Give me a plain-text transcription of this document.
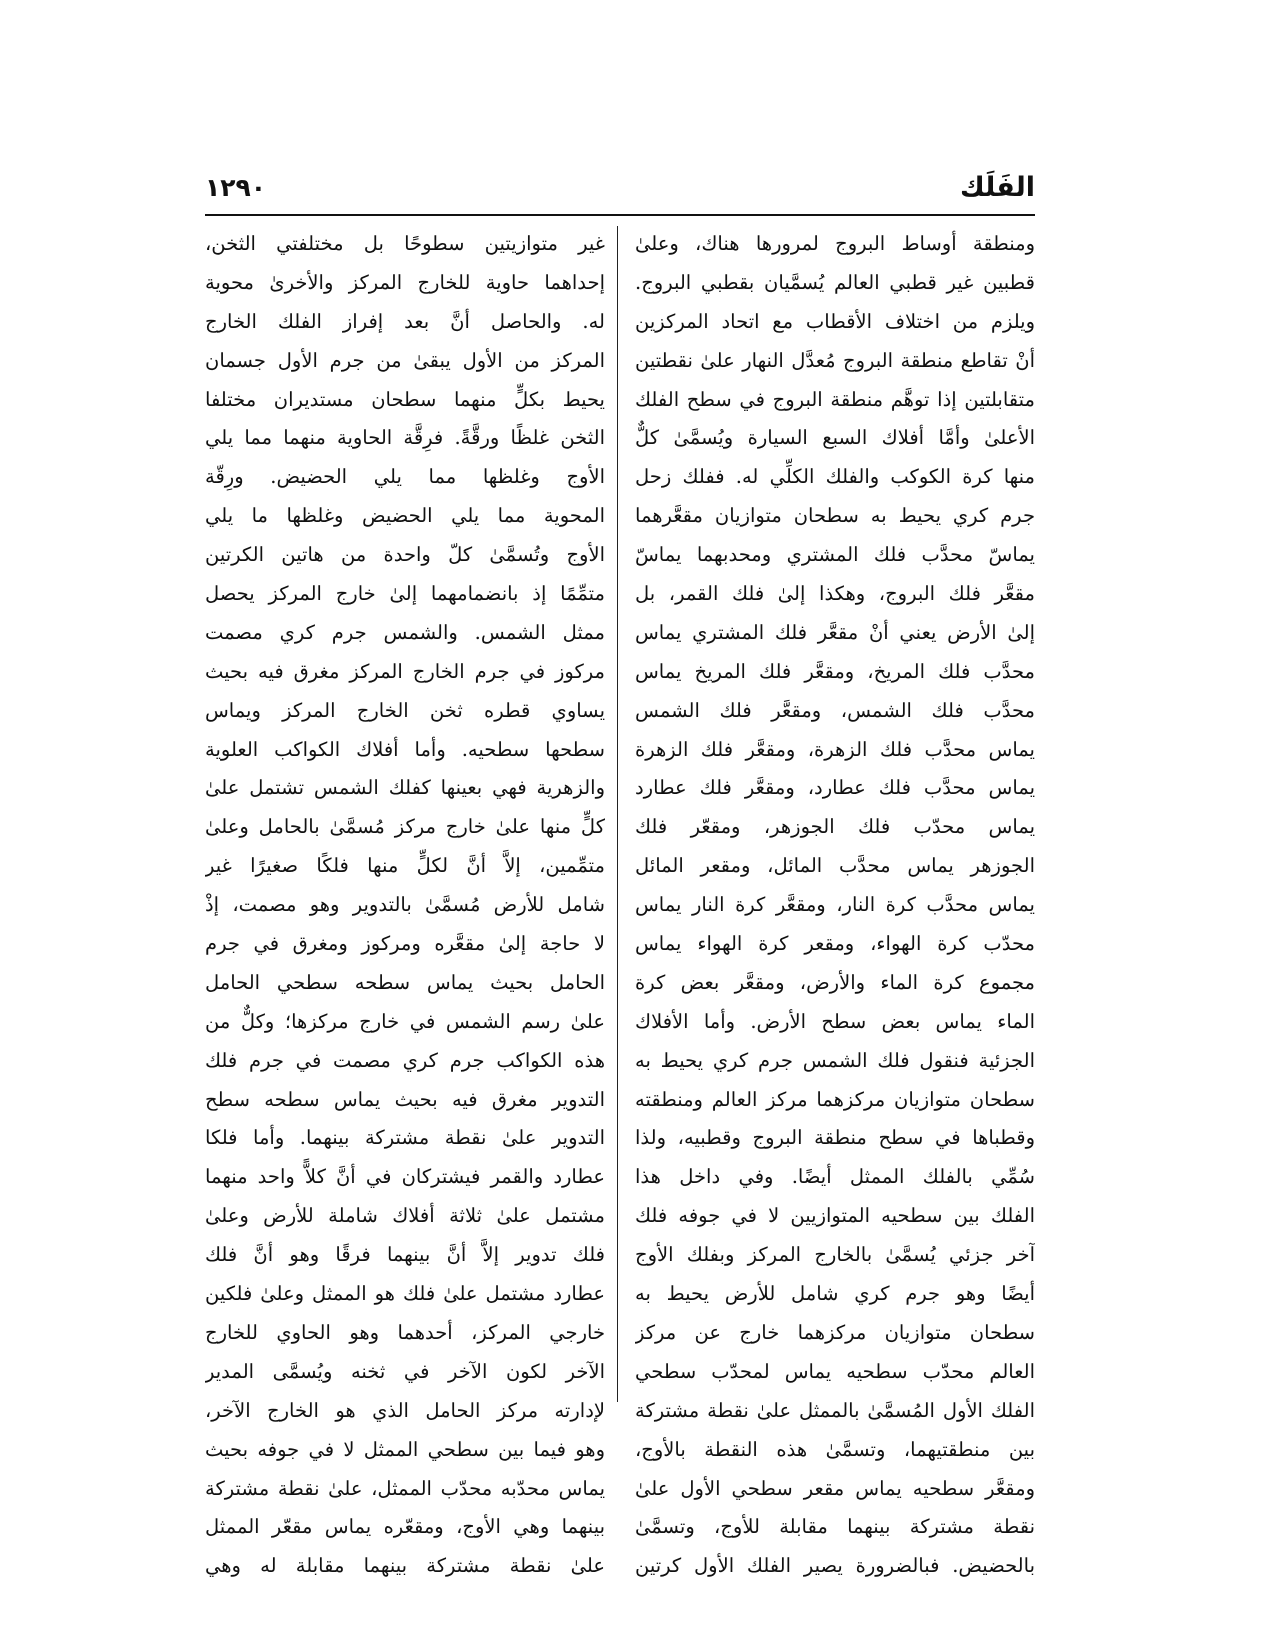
الفَلَك
١٢٩٠
ومنطقة أوساط البروج لمرورها هناك، وعلىٰ
قطبين غير قطبي العالم يُسمَّيان بقطبي البروج.
ويلزم من اختلاف الأقطاب مع اتحاد المركزين
أنْ تقاطع منطقة البروج مُعدَّل النهار علىٰ نقطتين
متقابلتين إذا توهَّم منطقة البروج في سطح الفلك
الأعلىٰ وأمَّا أفلاك السبع السيارة ويُسمَّىٰ كلٌّ
منها كرة الكوكب والفلك الكلِّي له. ففلك زحل
جرم كري يحيط به سطحان متوازيان مقعَّرهما
يماسّ محدَّب فلك المشتري ومحدبهما يماسّ
مقعَّر فلك البروج، وهكذا إلىٰ فلك القمر، بل
إلىٰ الأرض يعني أنْ مقعَّر فلك المشتري يماس
محدَّب فلك المريخ، ومقعَّر فلك المريخ يماس
محدَّب فلك الشمس، ومقعَّر فلك الشمس
يماس محدَّب فلك الزهرة، ومقعَّر فلك الزهرة
يماس محدَّب فلك عطارد، ومقعَّر فلك عطارد
يماس محدّب فلك الجوزهر، ومقعّر فلك
الجوزهر يماس محدَّب المائل، ومقعر المائل
يماس محدَّب كرة النار، ومقعَّر كرة النار يماس
محدّب كرة الهواء، ومقعر كرة الهواء يماس
مجموع كرة الماء والأرض، ومقعَّر بعض كرة
الماء يماس بعض سطح الأرض. وأما الأفلاك
الجزئية فنقول فلك الشمس جرم كري يحيط به
سطحان متوازيان مركزهما مركز العالم ومنطقته
وقطباها في سطح منطقة البروج وقطبيه، ولذا
سُمِّي بالفلك الممثل أيضًا. وفي داخل هذا
الفلك بين سطحيه المتوازيين لا في جوفه فلك
آخر جزئي يُسمَّىٰ بالخارج المركز وبفلك الأوج
أيضًا وهو جرم كري شامل للأرض يحيط به
سطحان متوازيان مركزهما خارج عن مركز
العالم محدّب سطحيه يماس لمحدّب سطحي
الفلك الأول المُسمَّىٰ بالممثل علىٰ نقطة مشتركة
بين منطقتيهما، وتسمَّىٰ هذه النقطة بالأوج،
ومقعَّر سطحيه يماس مقعر سطحي الأول علىٰ
نقطة مشتركة بينهما مقابلة للأوج، وتسمَّىٰ
بالحضيض. فبالضرورة يصير الفلك الأول كرتين
غير متوازيتين سطوحًا بل مختلفتي الثخن،
إحداهما حاوية للخارج المركز والأخرىٰ محوية
له. والحاصل أنَّ بعد إفراز الفلك الخارج
المركز من الأول يبقىٰ من جرم الأول جسمان
يحيط بكلٍّ منهما سطحان مستديران مختلفا
الثخن غلظًا ورقَّةً. فرِقَّة الحاوية منهما مما يلي
الأوج وغلظها مما يلي الحضيض. ورِقّة
المحوية مما يلي الحضيض وغلظها ما يلي
الأوج وتُسمَّىٰ كلّ واحدة من هاتين الكرتين
متمِّمًا إذ بانضمامهما إلىٰ خارج المركز يحصل
ممثل الشمس. والشمس جرم كري مصمت
مركوز في جرم الخارج المركز مغرق فيه بحيث
يساوي قطره ثخن الخارج المركز ويماس
سطحها سطحيه. وأما أفلاك الكواكب العلوية
والزهرية فهي بعينها كفلك الشمس تشتمل علىٰ
كلٍّ منها علىٰ خارج مركز مُسمَّىٰ بالحامل وعلىٰ
متمِّمين، إلاَّ أنَّ لكلٍّ منها فلكًا صغيرًا غير
شامل للأرض مُسمَّىٰ بالتدوير وهو مصمت، إذْ
لا حاجة إلىٰ مقعَّره ومركوز ومغرق في جرم
الحامل بحيث يماس سطحه سطحي الحامل
علىٰ رسم الشمس في خارج مركزها؛ وكلٌّ من
هذه الكواكب جرم كري مصمت في جرم فلك
التدوير مغرق فيه بحيث يماس سطحه سطح
التدوير علىٰ نقطة مشتركة بينهما. وأما فلكا
عطارد والقمر فيشتركان في أنَّ كلاًّ واحد منهما
مشتمل علىٰ ثلاثة أفلاك شاملة للأرض وعلىٰ
فلك تدوير إلاَّ أنَّ بينهما فرقًا وهو أنَّ فلك
عطارد مشتمل علىٰ فلك هو الممثل وعلىٰ فلكين
خارجي المركز، أحدهما وهو الحاوي للخارج
الآخر لكون الآخر في ثخنه ويُسمَّى المدير
لإدارته مركز الحامل الذي هو الخارج الآخر،
وهو فيما بين سطحي الممثل لا في جوفه بحيث
يماس محدّبه محدّب الممثل، علىٰ نقطة مشتركة
بينهما وهي الأوج، ومقعّره يماس مقعّر الممثل
علىٰ نقطة مشتركة بينهما مقابلة له وهي
